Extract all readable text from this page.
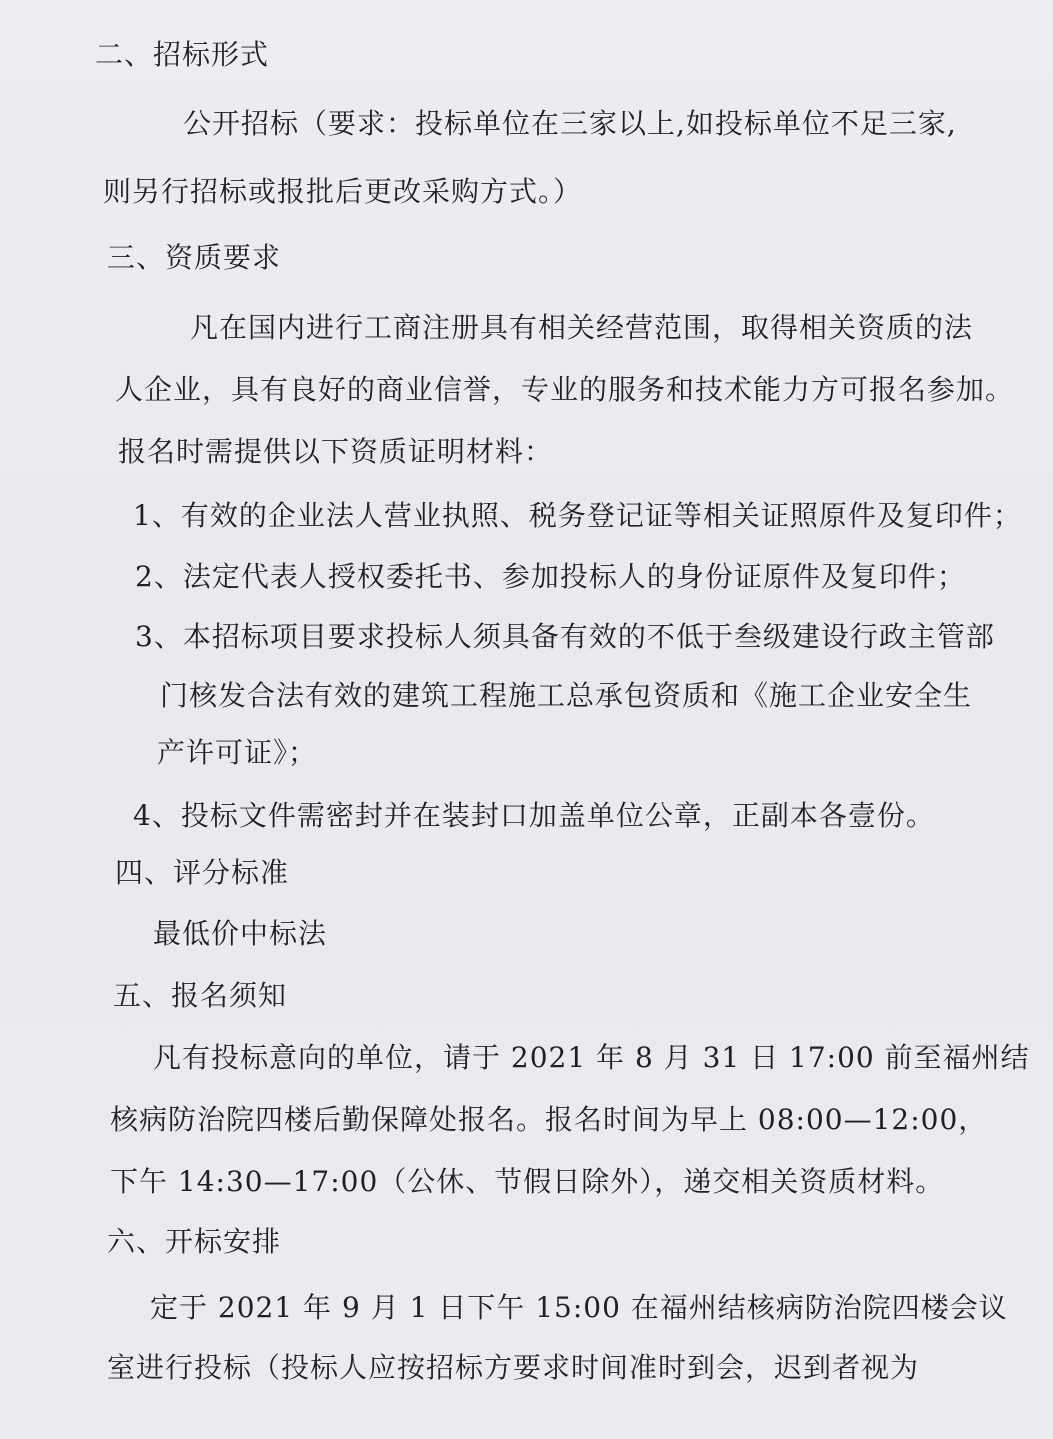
二、招标形式
公开招标（要求：投标单位在三家以上,如投标单位不足三家,
则另行招标或报批后更改采购方式。）
三、资质要求
凡在国内进行工商注册具有相关经营范围，取得相关资质的法
人企业，具有良好的商业信誉，专业的服务和技术能力方可报名参加。
报名时需提供以下资质证明材料：
1、有效的企业法人营业执照、税务登记证等相关证照原件及复印件；
2、法定代表人授权委托书、参加投标人的身份证原件及复印件；
3、本招标项目要求投标人须具备有效的不低于叁级建设行政主管部
门核发合法有效的建筑工程施工总承包资质和《施工企业安全生
产许可证》；
4、投标文件需密封并在装封口加盖单位公章，正副本各壹份。
四、评分标准
最低价中标法
五、报名须知
凡有投标意向的单位，请于 2021 年 8 月 31 日 17:00 前至福州结
核病防治院四楼后勤保障处报名。报名时间为早上 08:00—12:00，
下午 14:30—17:00（公休、节假日除外），递交相关资质材料。
六、开标安排
定于 2021 年 9 月 1 日下午 15:00 在福州结核病防治院四楼会议
室进行投标（投标人应按招标方要求时间准时到会，迟到者视为
